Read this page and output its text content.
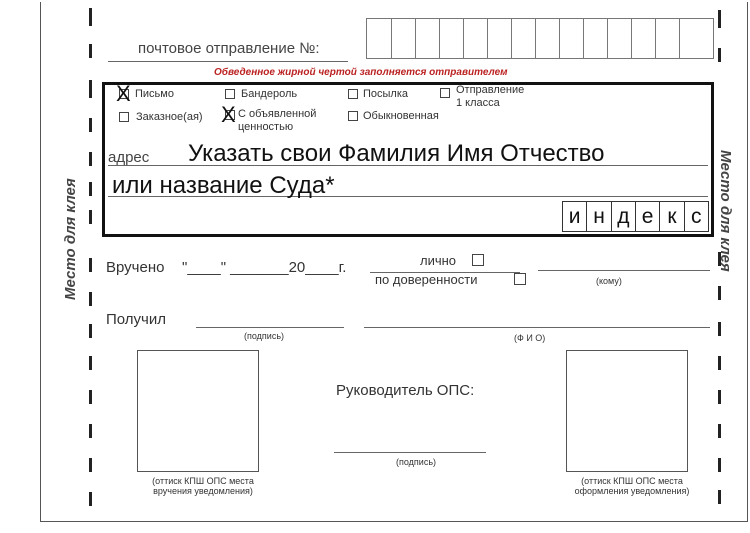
Место для клея	Место для клея
почтовое отправление №:
Обведенное жирной чертой заполняется отправителем
X Письмо	Бандероль	Посылка	Отправление
1 класса
Заказное(ая) X С объявленной
ценностью
Обыкновенная
адрес Указать свои Фамилия Имя Отчество
или название Суда*
и н д е к с
Вручено "____" _______20____г.	лично
по доверенности	(кому)
Получил
(подпись)	(Ф И О)
(оттиск КПШ ОПС места
вручения уведомления)
(оттиск КПШ ОПС места
оформления уведомления)
Руководитель ОПС:
(подпись)
